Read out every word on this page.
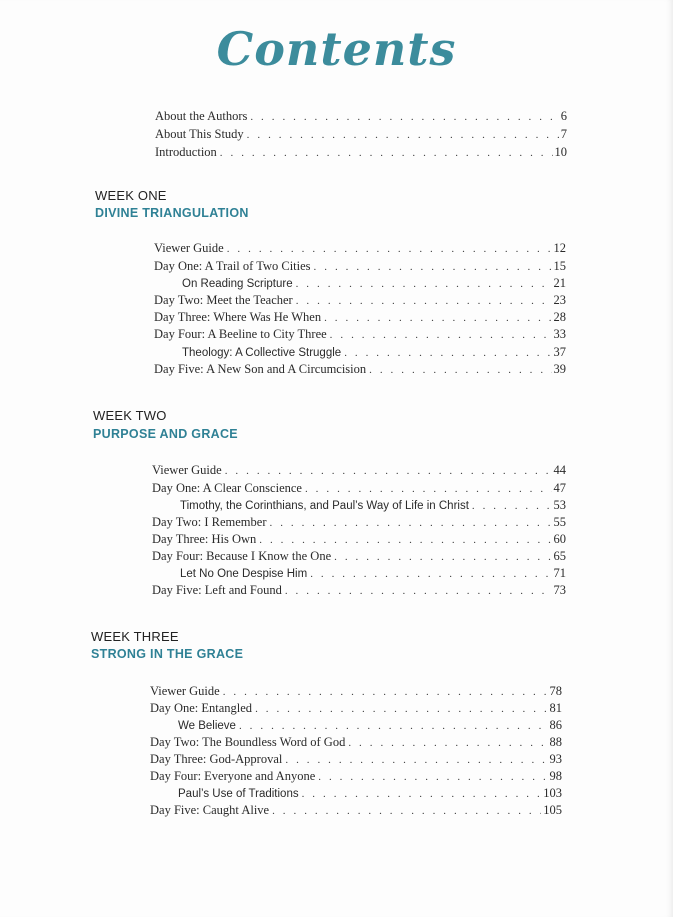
Contents
About the Authors . . .	6
About This Study . . .	7
Introduction . . .	10
WEEK ONE
DIVINE TRIANGULATION
Viewer Guide . . .	12
Day One: A Trail of Two Cities . . .	15
On Reading Scripture . . .	21
Day Two: Meet the Teacher . . .	23
Day Three: Where Was He When . . .	28
Day Four: A Beeline to City Three . . .	33
Theology: A Collective Struggle . . .	37
Day Five: A New Son and A Circumcision . . .	39
WEEK TWO
PURPOSE AND GRACE
Viewer Guide . . .	44
Day One: A Clear Conscience . . .	47
Timothy, the Corinthians, and Paul’s Way of Life in Christ . . .	53
Day Two: I Remember . . .	55
Day Three: His Own . . .	60
Day Four: Because I Know the One . . .	65
Let No One Despise Him . . .	71
Day Five: Left and Found . . .	73
WEEK THREE
STRONG IN THE GRACE
Viewer Guide . . .	78
Day One: Entangled . . .	81
We Believe . . .	86
Day Two: The Boundless Word of God . . .	88
Day Three: God-Approval . . .	93
Day Four: Everyone and Anyone . . .	98
Paul’s Use of Traditions . . .	103
Day Five: Caught Alive . . .	105
